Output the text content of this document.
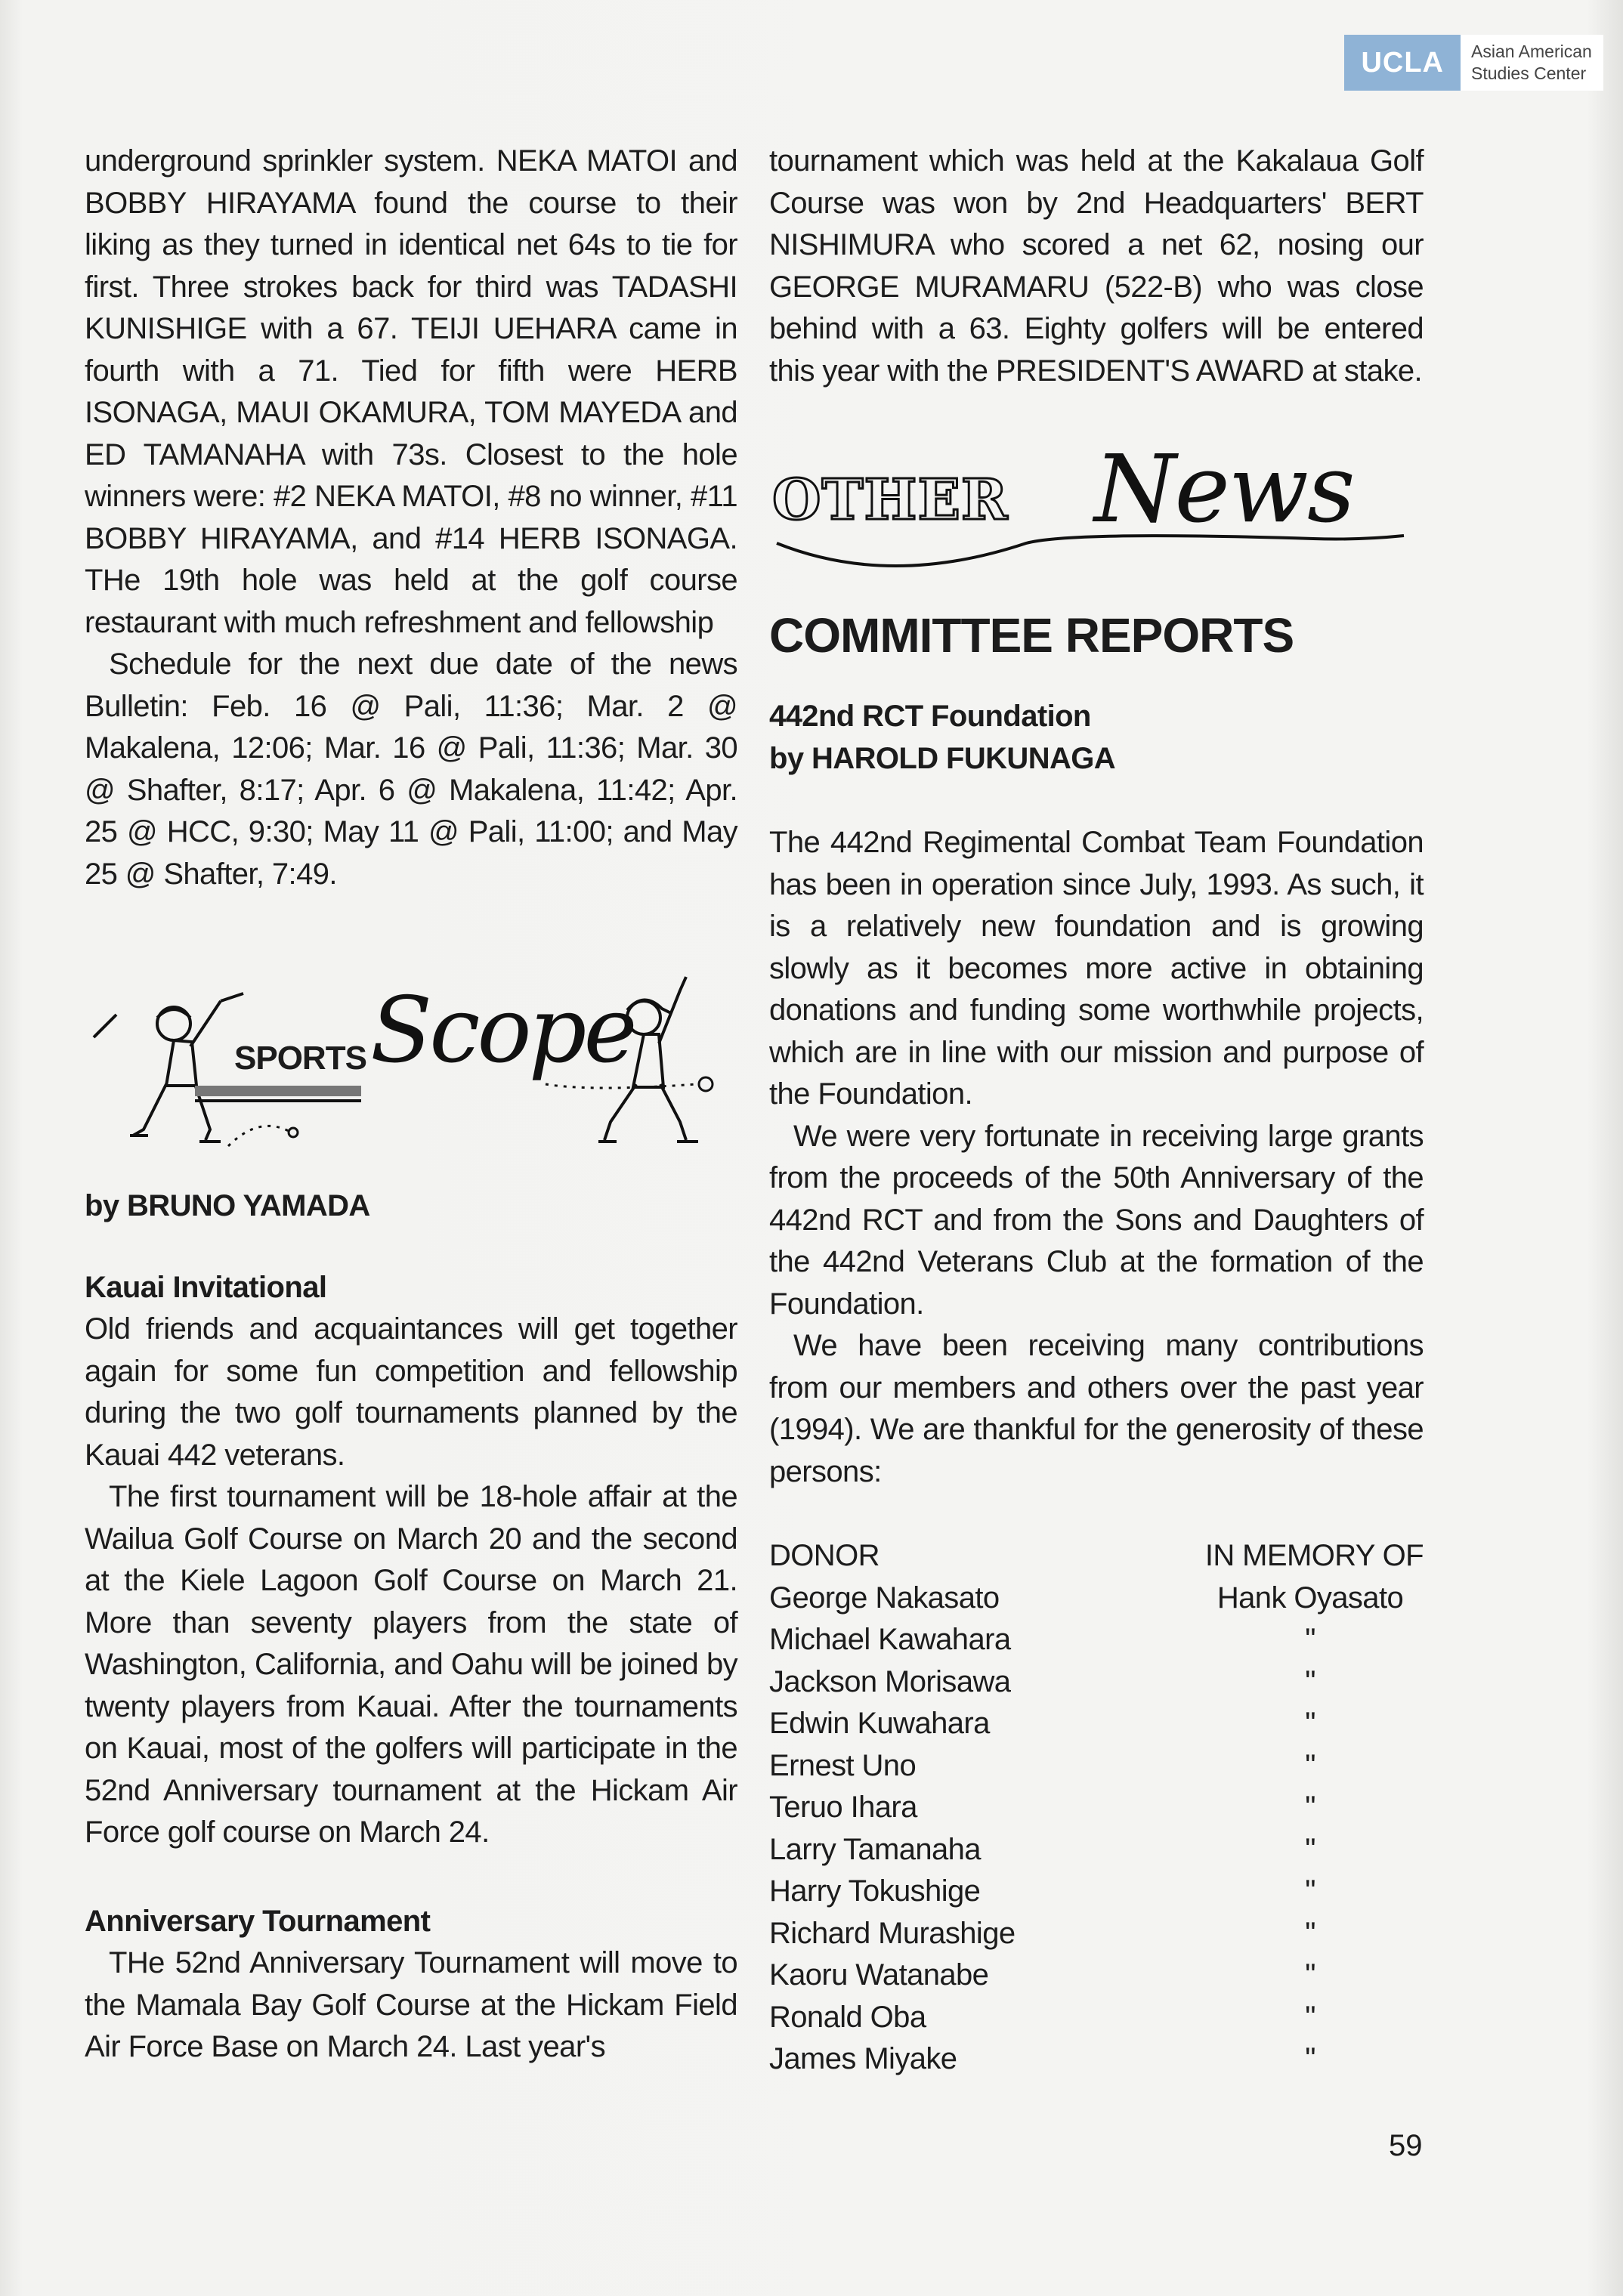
UCLA	Asian American
Studies Center

underground sprinkler system. NEKA MATOI and BOBBY HIRAYAMA found the course to their liking as they turned in identical net 64s to tie for first. Three strokes back for third was TADASHI KUNISHIGE with a 67. TEIJI UEHARA came in fourth with a 71. Tied for fifth were HERB ISONAGA, MAUI OKAMURA, TOM MAYEDA and ED TAMANAHA with 73s. Closest to the hole winners were: #2 NEKA MATOI, #8 no winner, #11 BOBBY HIRAYAMA, and #14 HERB ISONAGA. THe 19th hole was held at the golf course restaurant with much refreshment and fellowship

Schedule for the next due date of the news Bulletin: Feb. 16 @ Pali, 11:36; Mar. 2 @ Makalena, 12:06; Mar. 16 @ Pali, 11:36; Mar. 30 @ Shafter, 8:17; Apr. 6 @ Makalena, 11:42; Apr. 25 @ HCC, 9:30; May 11 @ Pali, 11:00; and May 25 @ Shafter, 7:49.

SPORTS Scope

by BRUNO YAMADA

Kauai Invitational

Old friends and acquaintances will get together again for some fun competition and fellowship during the two golf tournaments planned by the Kauai 442 veterans.

The first tournament will be 18-hole affair at the Wailua Golf Course on March 20 and the second at the Kiele Lagoon Golf Course on March 21. More than seventy players from the state of Washington, California, and Oahu will be joined by twenty players from Kauai. After the tournaments on Kauai, most of the golfers will participate in the 52nd Anniversary tournament at the Hickam Air Force golf course on March 24.

Anniversary Tournament

THe 52nd Anniversary Tournament will move to the Mamala Bay Golf Course at the Hickam Field Air Force Base on March 24. Last year's

tournament which was held at the Kakalaua Golf Course was won by 2nd Headquarters' BERT NISHIMURA who scored a net 62, nosing our GEORGE MURAMARU (522-B) who was close behind with a 63. Eighty golfers will be entered this year with the PRESIDENT'S AWARD at stake.

OTHER News
COMMITTEE REPORTS

442nd RCT Foundation

by HAROLD FUKUNAGA

The 442nd Regimental Combat Team Foundation has been in operation since July, 1993. As such, it is a relatively new foundation and is growing slowly as it becomes more active in obtaining donations and funding some worthwhile projects, which are in line with our mission and purpose of the Foundation.

We were very fortunate in receiving large grants from the proceeds of the 50th Anniversary of the 442nd RCT and from the Sons and Daughters of the 442nd Veterans Club at the formation of the Foundation.

We have been receiving many contributions from our members and others over the past year (1994). We are thankful for the generosity of these persons:

DONOR	IN MEMORY OF
George Nakasato	Hank Oyasato
Michael Kawahara	"
Jackson Morisawa	"
Edwin Kuwahara	"
Ernest Uno	"
Teruo Ihara	"
Larry Tamanaha	"
Harry Tokushige	"
Richard Murashige	"
Kaoru Watanabe	"
Ronald Oba	"
James Miyake	"
59
